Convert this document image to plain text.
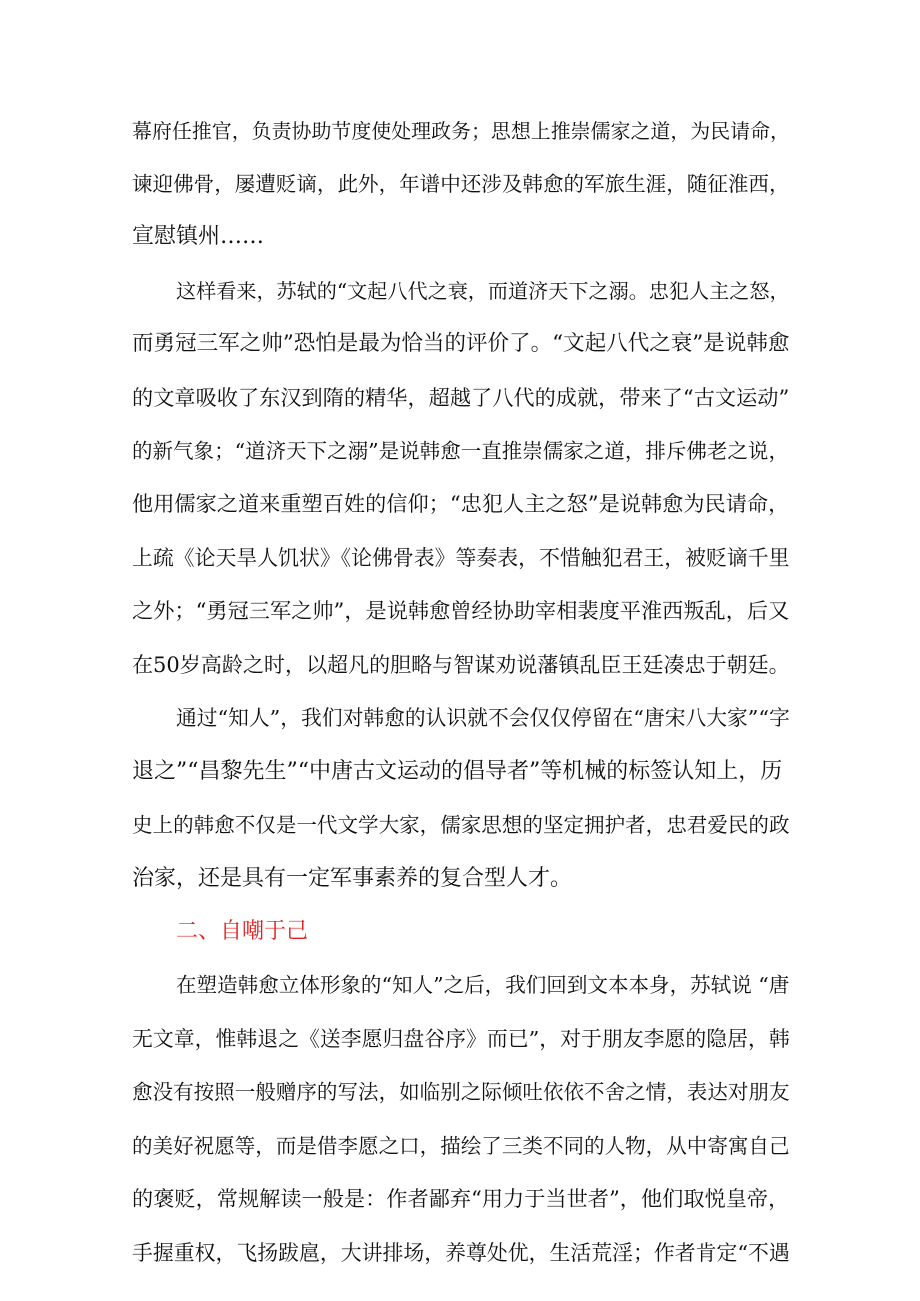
幕府任推官，负责协助节度使处理政务；思想上推崇儒家之道，为民请命，

谏迎佛骨，屡遭贬谪，此外，年谱中还涉及韩愈的军旅生涯，随征淮西，

宣慰镇州……

这样看来，苏轼的“文起八代之衰，而道济天下之溺。忠犯人主之怒，

而勇冠三军之帅”恐怕是最为恰当的评价了。“文起八代之衰”是说韩愈

的文章吸收了东汉到隋的精华，超越了八代的成就，带来了“古文运动”

的新气象；“道济天下之溺”是说韩愈一直推崇儒家之道，排斥佛老之说，

他用儒家之道来重塑百姓的信仰；“忠犯人主之怒”是说韩愈为民请命，

上疏《论天旱人饥状》《论佛骨表》等奏表，不惜触犯君王，被贬谪千里

之外；“勇冠三军之帅”，是说韩愈曾经协助宰相裴度平淮西叛乱，后又

在50岁高龄之时，以超凡的胆略与智谋劝说藩镇乱臣王廷凑忠于朝廷。

通过“知人”，我们对韩愈的认识就不会仅仅停留在“唐宋八大家”“字

退之”“昌黎先生”“中唐古文运动的倡导者”等机械的标签认知上，历

史上的韩愈不仅是一代文学大家，儒家思想的坚定拥护者，忠君爱民的政

治家，还是具有一定军事素养的复合型人才。

二、自嘲于己

在塑造韩愈立体形象的“知人”之后，我们回到文本本身，苏轼说 “唐

无文章，惟韩退之《送李愿归盘谷序》而已”，对于朋友李愿的隐居，韩

愈没有按照一般赠序的写法，如临别之际倾吐依依不舍之情，表达对朋友

的美好祝愿等，而是借李愿之口，描绘了三类不同的人物，从中寄寓自己

的褒贬，常规解读一般是：作者鄙弃“用力于当世者”，他们取悦皇帝，

手握重权，飞扬跋扈，大讲排场，养尊处优，生活荒淫；作者肯定“不遇
